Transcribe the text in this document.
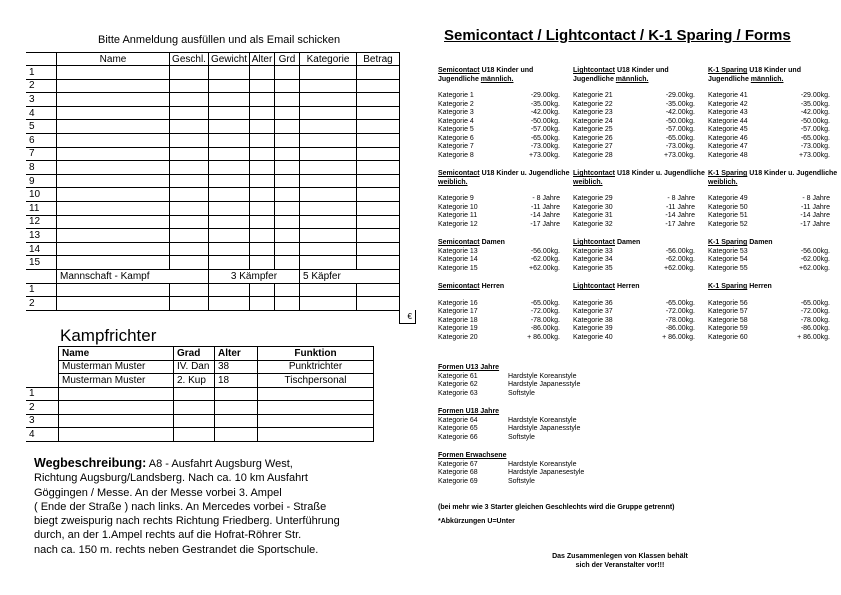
Bitte Anmeldung ausfüllen und als Email schicken
	Name	Geschl.	Gewicht	Alter	Grd	Kategorie	Betrag	
1								
2								
3								
4								
5								
6								
7								
8								
9								
10								
11								
12								
13								
14								
15								
	Mannschaft - Kampf		3 Kämpfer			5 Käpfer		
1								
2								
								€
Kampfrichter
	Name	Grad	Alter	Funktion
	Musterman Muster	IV. Dan	38	Punktrichter
	Musterman Muster	2. Kup	18	Tischpersonal
1				
2				
3				
4				
Wegbeschreibung: A8 - Ausfahrt Augsburg West,
Richtung Augsburg/Landsberg. Nach ca. 10 km Ausfahrt
Göggingen / Messe. An der Messe vorbei 3. Ampel
( Ende der Straße ) nach links. An Mercedes vorbei - Straße
biegt zweispurig nach rechts Richtung Friedberg. Unterführung
durch, an der 1.Ampel rechts auf die Hofrat-Röhrer Str.
nach ca. 150 m. rechts neben Gestrandet die Sportschule.
Semicontact / Lightcontact / K-1 Sparing / Forms
Semicontact U18 Kinder und Jugendliche männlich.
Kategorie 1	-29.00kg.
Kategorie 2	-35.00kg.
Kategorie 3	-42.00kg.
Kategorie 4	-50.00kg.
Kategorie 5	-57.00kg.
Kategorie 6	-65.00kg.
Kategorie 7	-73.00kg.
Kategorie 8	+73.00kg.
Semicontact U18 Kinder u. Jugendliche weiblich.
Kategorie 9	- 8 Jahre
Kategorie 10	-11 Jahre
Kategorie 11	-14 Jahre
Kategorie 12	-17 Jahre
Semicontact Damen
Kategorie 13	-56.00kg.
Kategorie 14	-62.00kg.
Kategorie 15	+62.00kg.
Semicontact Herren
Kategorie 16	-65.00kg.
Kategorie 17	-72.00kg.
Kategorie 18	-78.00kg.
Kategorie 19	-86.00kg.
Kategorie 20	+ 86.00kg.
Lightcontact U18 Kinder und Jugendliche männlich.
Kategorie 21	-29.00kg.
Kategorie 22	-35.00kg.
Kategorie 23	-42.00kg.
Kategorie 24	-50.00kg.
Kategorie 25	-57.00kg.
Kategorie 26	-65.00kg.
Kategorie 27	-73.00kg.
Kategorie 28	+73.00kg.
Lightcontact U18 Kinder u. Jugendliche weiblich.
Kategorie 29	- 8 Jahre
Kategorie 30	-11 Jahre
Kategorie 31	-14 Jahre
Kategorie 32	-17 Jahre
Lightcontact Damen
Kategorie 33	-56.00kg.
Kategorie 34	-62.00kg.
Kategorie 35	+62.00kg.
Lightcontact Herren
Kategorie 36	-65.00kg.
Kategorie 37	-72.00kg.
Kategorie 38	-78.00kg.
Kategorie 39	-86.00kg.
Kategorie 40	+ 86.00kg.
K-1 Sparing U18 Kinder und Jugendliche männlich.
Kategorie 41	-29.00kg.
Kategorie 42	-35.00kg.
Kategorie 43	-42.00kg.
Kategorie 44	-50.00kg.
Kategorie 45	-57.00kg.
Kategorie 46	-65.00kg.
Kategorie 47	-73.00kg.
Kategorie 48	+73.00kg.
K-1 Sparing U18 Kinder u. Jugendliche weiblich.
Kategorie 49	- 8 Jahre
Kategorie 50	-11 Jahre
Kategorie 51	-14 Jahre
Kategorie 52	-17 Jahre
K-1 Sparing Damen
Kategorie 53	-56.00kg.
Kategorie 54	-62.00kg.
Kategorie 55	+62.00kg.
K-1 Sparing Herren
Kategorie 56	-65.00kg.
Kategorie 57	-72.00kg.
Kategorie 58	-78.00kg.
Kategorie 59	-86.00kg.
Kategorie 60	+ 86.00kg.
Formen U13 Jahre
Kategorie 61	Hardstyle Koreanstyle
Kategorie 62	Hardstyle Japanesstyle
Kategorie 63	Softstyle
Formen U18 Jahre
Kategorie 64	Hardstyle Koreanstyle
Kategorie 65	Hardstyle Japanesstyle
Kategorie 66	Softstyle
Formen Erwachsene
Kategorie 67	Hardstyle Koreanstyle
Kategorie 68	Hardstyle Japanesestyle
Kategorie 69	Softstyle
(bei mehr wie 3 Starter gleichen Geschlechts wird die Gruppe getrennt)
*Abkürzungen U=Unter
Das Zusammenlegen von Klassen behält
sich der Veranstalter vor!!!
